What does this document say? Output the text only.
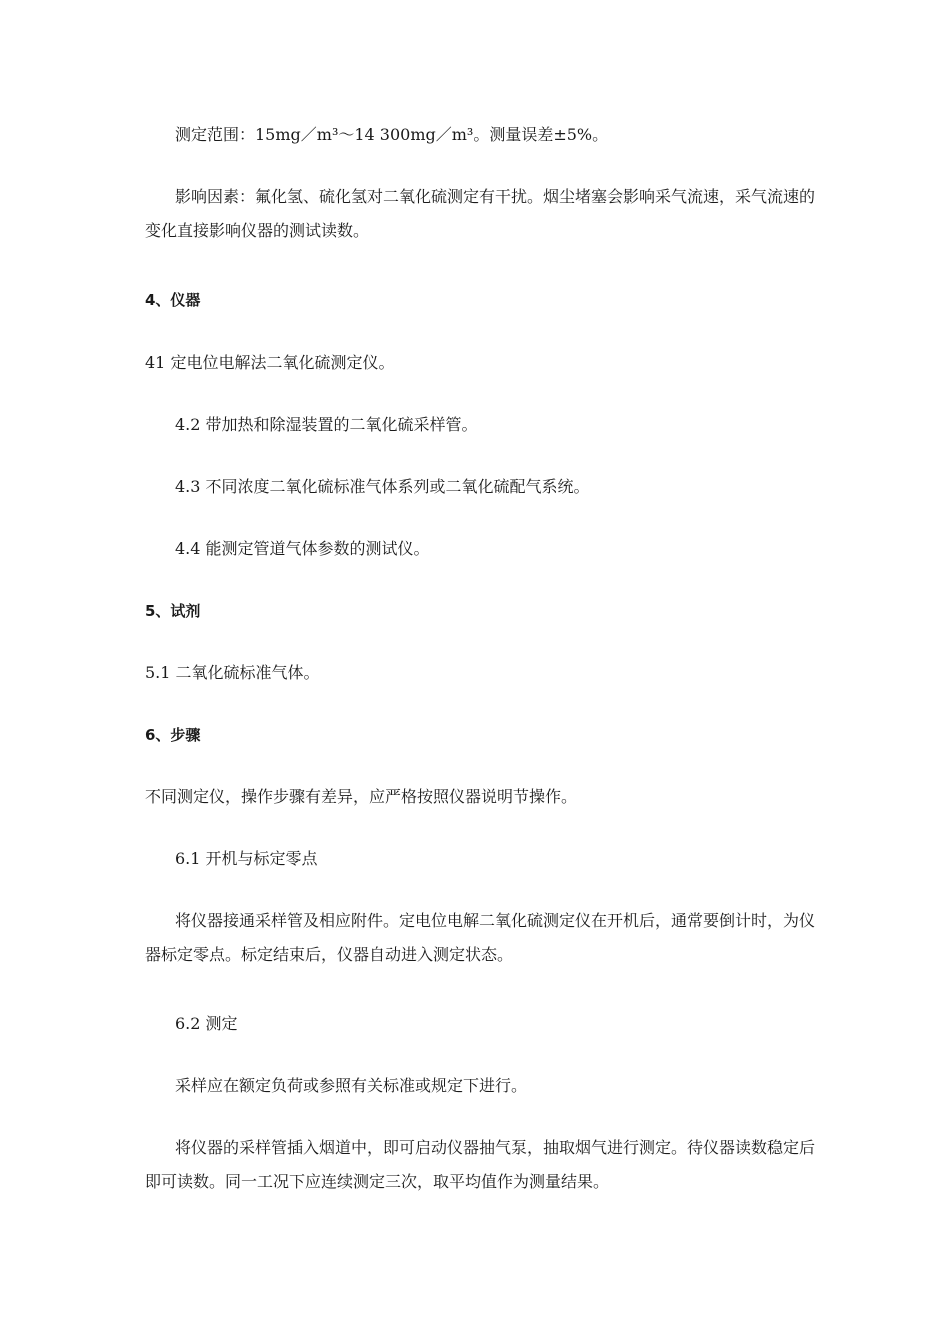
测定范围：15mg／m³～14 300mg／m³。测量误差±5%。

影响因素：氟化氢、硫化氢对二氧化硫测定有干扰。烟尘堵塞会影响采气流速，采气流速的变化直接影响仪器的测试读数。

4、仪器

41 定电位电解法二氧化硫测定仪。

4.2 带加热和除湿装置的二氧化硫采样管。

4.3 不同浓度二氧化硫标准气体系列或二氧化硫配气系统。

4.4 能测定管道气体参数的测试仪。

5、试剂

5.1 二氧化硫标准气体。

6、步骤

不同测定仪，操作步骤有差异，应严格按照仪器说明节操作。

6.1 开机与标定零点

将仪器接通采样管及相应附件。定电位电解二氧化硫测定仪在开机后，通常要倒计时，为仪器标定零点。标定结束后，仪器自动进入测定状态。

6.2 测定

采样应在额定负荷或参照有关标准或规定下进行。

将仪器的采样管插入烟道中，即可启动仪器抽气泵，抽取烟气进行测定。待仪器读数稳定后即可读数。同一工况下应连续测定三次，取平均值作为测量结果。
